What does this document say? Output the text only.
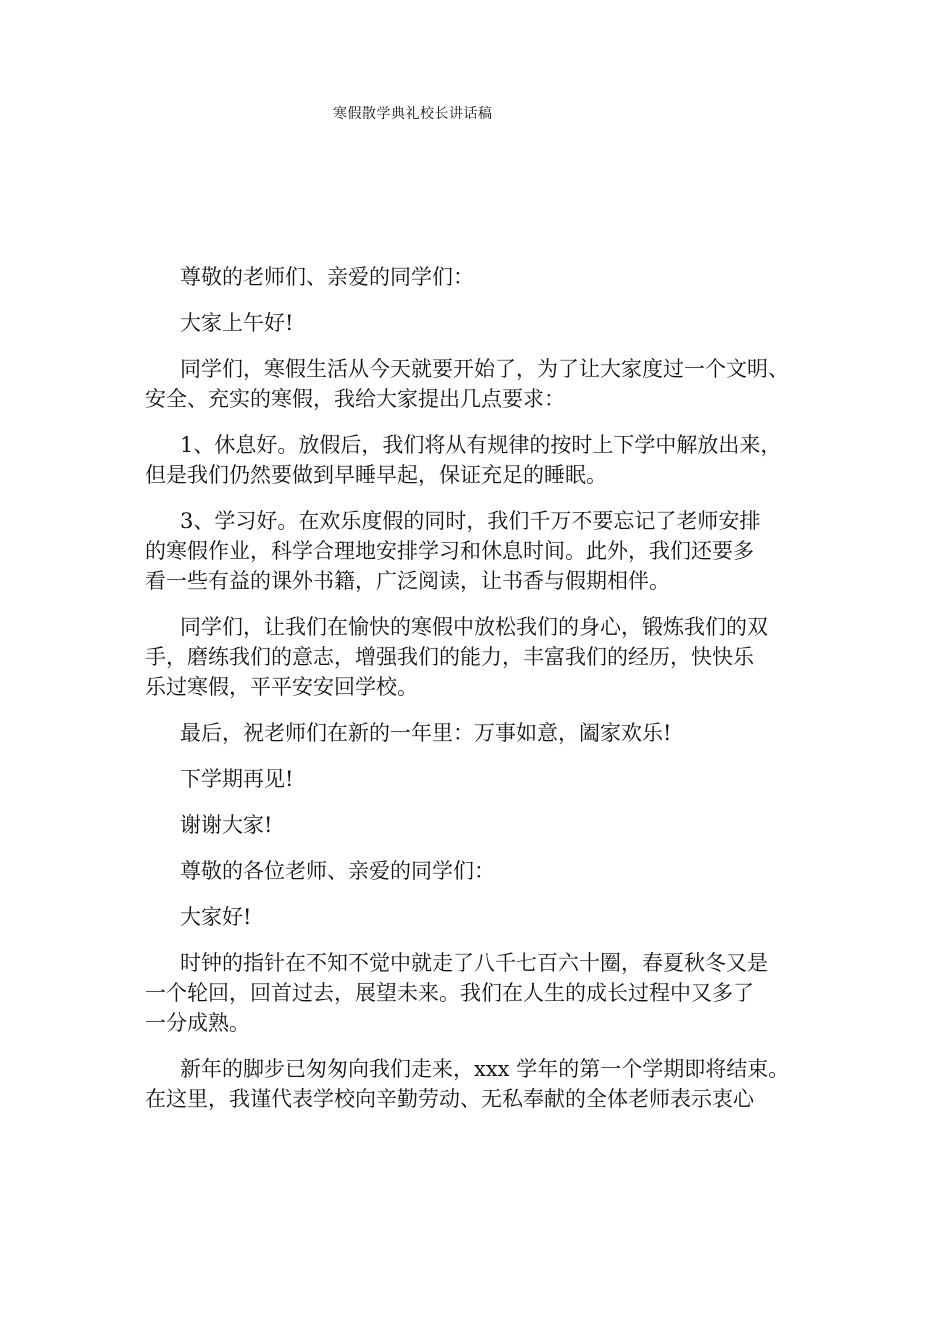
寒假散学典礼校长讲话稿

尊敬的老师们、亲爱的同学们：

大家上午好!

同学们，寒假生活从今天就要开始了，为了让大家度过一个文明、
安全、充实的寒假，我给大家提出几点要求：

1、休息好。放假后，我们将从有规律的按时上下学中解放出来，
但是我们仍然要做到早睡早起，保证充足的睡眠。

3、学习好。在欢乐度假的同时，我们千万不要忘记了老师安排
的寒假作业，科学合理地安排学习和休息时间。此外，我们还要多
看一些有益的课外书籍，广泛阅读，让书香与假期相伴。

同学们，让我们在愉快的寒假中放松我们的身心，锻炼我们的双
手，磨练我们的意志，增强我们的能力，丰富我们的经历，快快乐
乐过寒假，平平安安回学校。

最后，祝老师们在新的一年里：万事如意，阖家欢乐!

下学期再见!

谢谢大家!

尊敬的各位老师、亲爱的同学们：

大家好!

时钟的指针在不知不觉中就走了八千七百六十圈，春夏秋冬又是
一个轮回，回首过去，展望未来。我们在人生的成长过程中又多了
一分成熟。

新年的脚步已匆匆向我们走来，xxx 学年的第一个学期即将结束。
在这里，我谨代表学校向辛勤劳动、无私奉献的全体老师表示衷心
